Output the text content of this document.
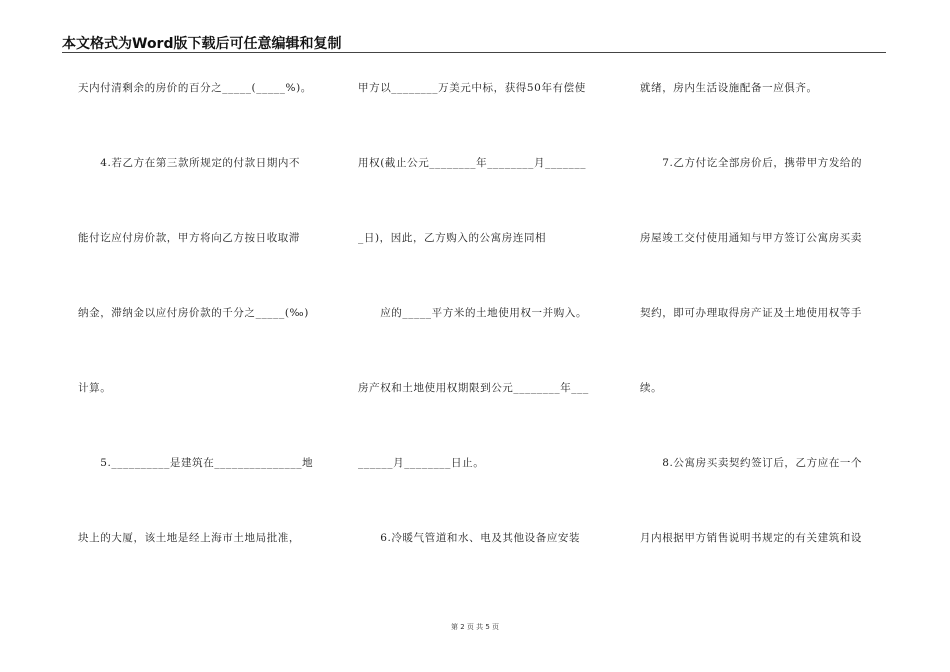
本文格式为Word版下载后可任意编辑和复制
天内付清剩余的房价的百分之_____(_____%)。
　　4.若乙方在第三款所规定的付款日期内不
能付讫应付房价款，甲方将向乙方按日收取滞
纳金，滞纳金以应付房价款的千分之_____(‰)
计算。
　　5.__________是建筑在_______________地
块上的大厦，该土地是经上海市土地局批准，
甲方以________万美元中标，获得50年有偿使
用权(截止公元________年________月_______
_日)，因此，乙方购入的公寓房连同相
　　应的_____平方米的土地使用权一并购入。
房产权和土地使用权期限到公元________年___
______月________日止。
　　6.冷暖气管道和水、电及其他设备应安装
就绪，房内生活设施配备一应俱齐。
　　7.乙方付讫全部房价后，携带甲方发给的
房屋竣工交付使用通知与甲方签订公寓房买卖
契约，即可办理取得房产证及土地使用权等手
续。
　　8.公寓房买卖契约签订后，乙方应在一个
月内根据甲方销售说明书规定的有关建筑和设
第 2 页 共 5 页
